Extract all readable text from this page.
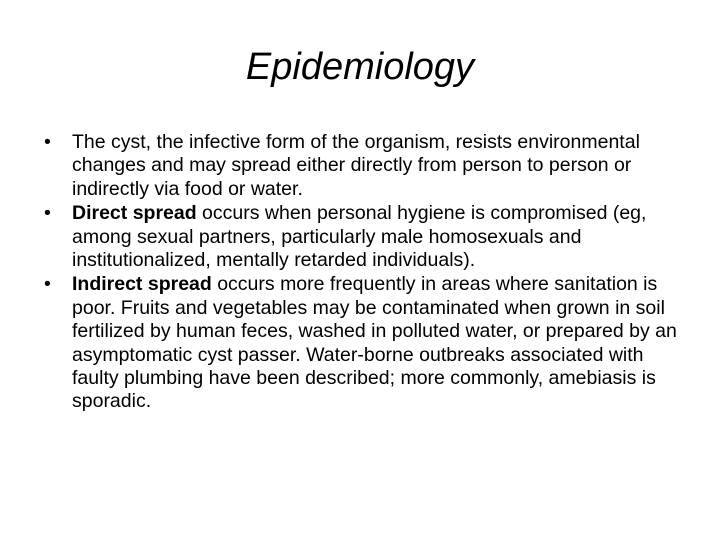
Epidemiology
•	The cyst, the infective form of the organism, resists environmental changes and may spread either directly from person to person or indirectly via food or water.
•	Direct spread occurs when personal hygiene is compromised (eg, among sexual partners, particularly male homosexuals and institutionalized, mentally retarded individuals).
•	Indirect spread occurs more frequently in areas where sanitation is poor. Fruits and vegetables may be contaminated when grown in soil fertilized by human feces, washed in polluted water, or prepared by an asymptomatic cyst passer. Water-borne outbreaks associated with faulty plumbing have been described; more commonly, amebiasis is sporadic.
